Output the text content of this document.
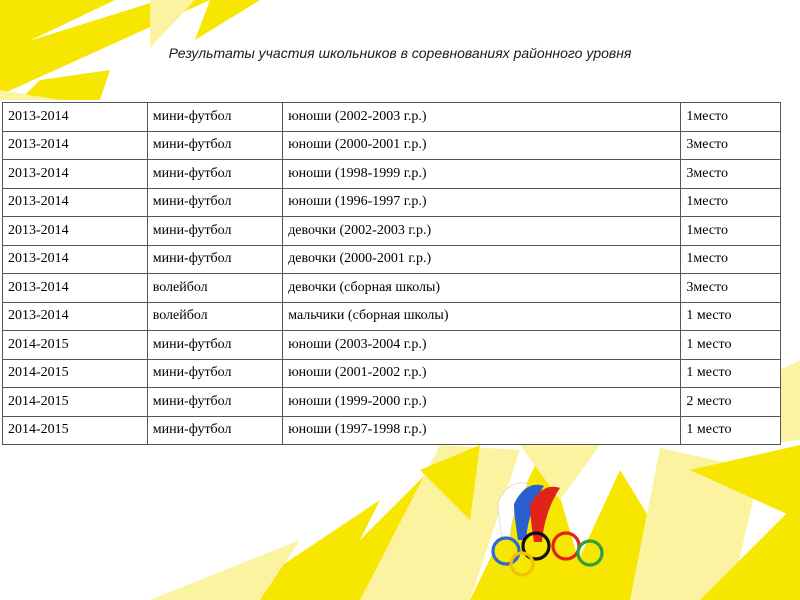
Результаты участия школьников в соревнованиях районного уровня
2013-2014	мини-футбол	юноши (2002-2003 г.р.)	1место
2013-2014	мини-футбол	юноши (2000-2001 г.р.)	3место
2013-2014	мини-футбол	юноши (1998-1999 г.р.)	3место
2013-2014	мини-футбол	юноши (1996-1997 г.р.)	1место
2013-2014	мини-футбол	девочки (2002-2003 г.р.)	1место
2013-2014	мини-футбол	девочки (2000-2001 г.р.)	1место
2013-2014	волейбол	девочки (сборная школы)	3место
2013-2014	волейбол	мальчики (сборная школы)	1 место
2014-2015	мини-футбол	юноши (2003-2004 г.р.)	1 место
2014-2015	мини-футбол	юноши (2001-2002 г.р.)	1 место
2014-2015	мини-футбол	юноши (1999-2000 г.р.)	2 место
2014-2015	мини-футбол	юноши (1997-1998 г.р.)	1 место
